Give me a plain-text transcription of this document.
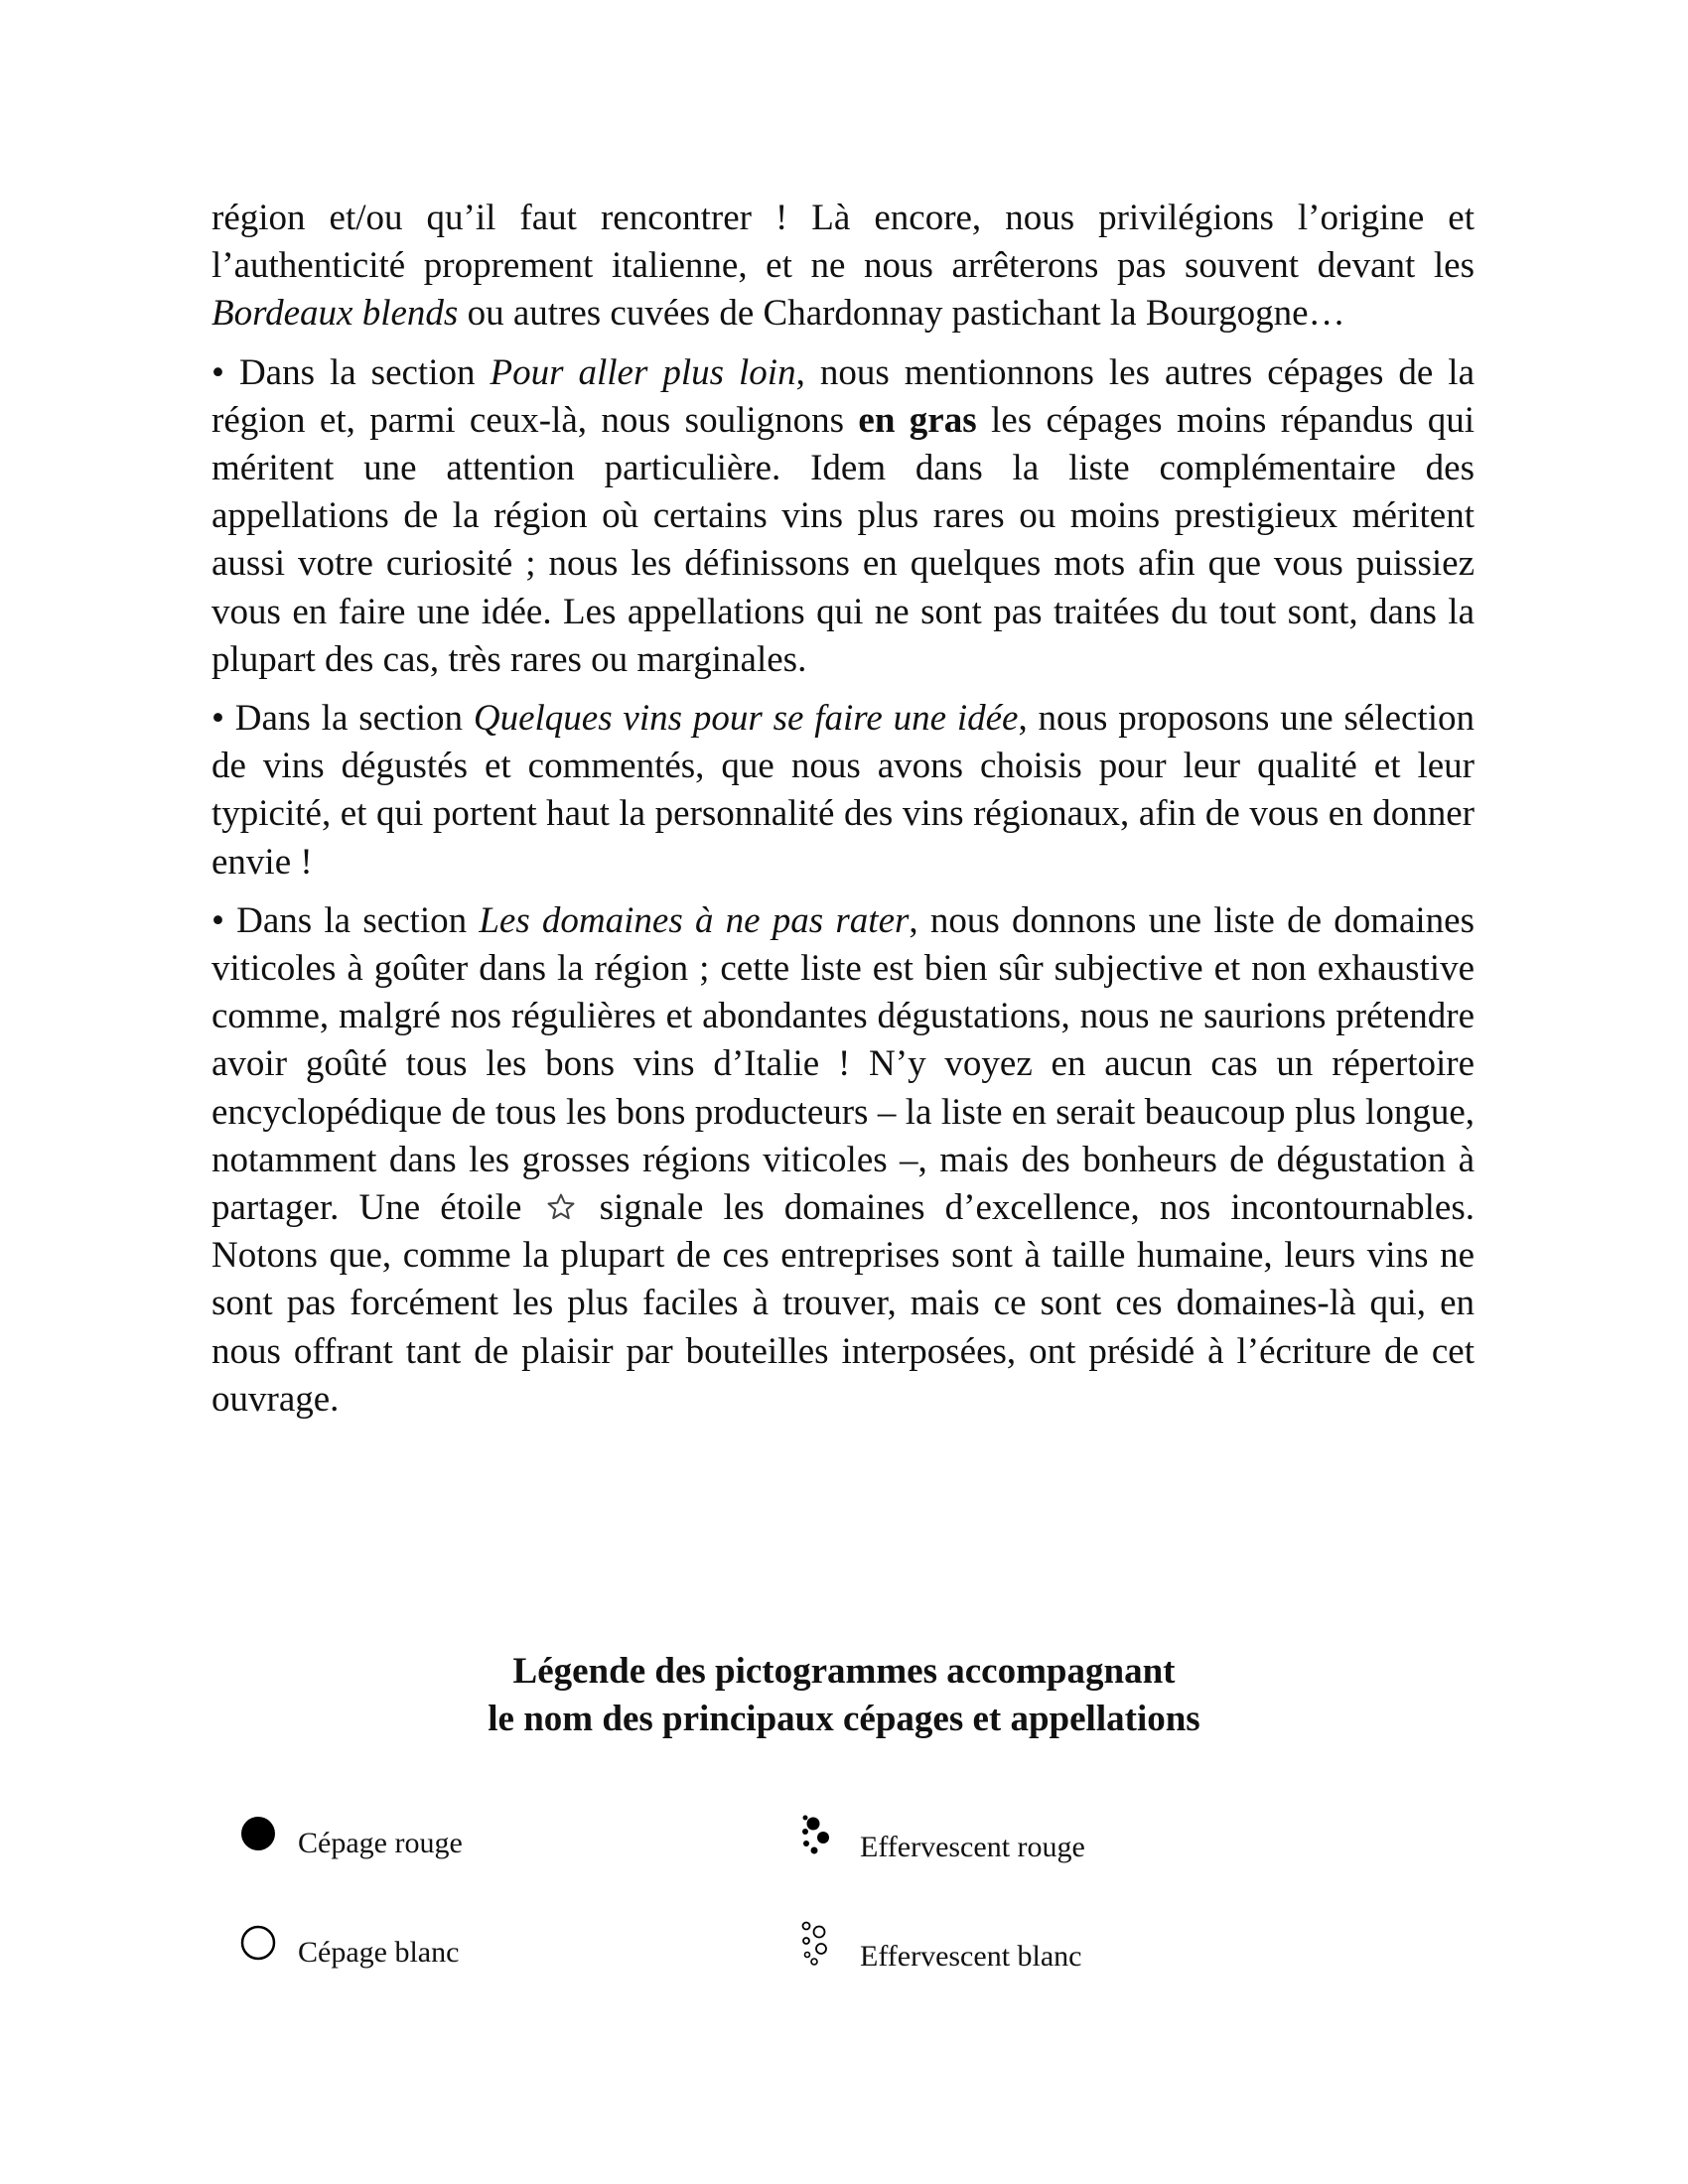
région et/ou qu’il faut rencontrer ! Là encore, nous privilégions l’origine et l’authenticité proprement italienne, et ne nous arrêterons pas souvent devant les Bordeaux blends ou autres cuvées de Chardonnay pastichant la Bourgogne…

• Dans la section Pour aller plus loin, nous mentionnons les autres cépages de la région et, parmi ceux-là, nous soulignons en gras les cépages moins répandus qui méritent une attention particulière. Idem dans la liste complémentaire des appellations de la région où certains vins plus rares ou moins prestigieux méritent aussi votre curiosité ; nous les définissons en quelques mots afin que vous puissiez vous en faire une idée. Les appellations qui ne sont pas traitées du tout sont, dans la plupart des cas, très rares ou marginales.

• Dans la section Quelques vins pour se faire une idée, nous proposons une sélection de vins dégustés et commentés, que nous avons choisis pour leur qualité et leur typicité, et qui portent haut la personnalité des vins régionaux, afin de vous en donner envie !

• Dans la section Les domaines à ne pas rater, nous donnons une liste de domaines viticoles à goûter dans la région ; cette liste est bien sûr subjective et non exhaustive comme, malgré nos régulières et abondantes dégustations, nous ne saurions prétendre avoir goûté tous les bons vins d’Italie ! N’y voyez en aucun cas un répertoire encyclopédique de tous les bons producteurs – la liste en serait beaucoup plus longue, notamment dans les grosses régions viticoles –, mais des bonheurs de dégustation à partager. Une étoile  signale les domaines d’excellence, nos incontournables. Notons que, comme la plupart de ces entreprises sont à taille humaine, leurs vins ne sont pas forcément les plus faciles à trouver, mais ce sont ces domaines-là qui, en nous offrant tant de plaisir par bouteilles interposées, ont présidé à l’écriture de cet ouvrage.

Légende des pictogrammes accompagnant
le nom des principaux cépages et appellations
Cépage rouge	Effervescent rouge
Cépage blanc	Effervescent blanc
